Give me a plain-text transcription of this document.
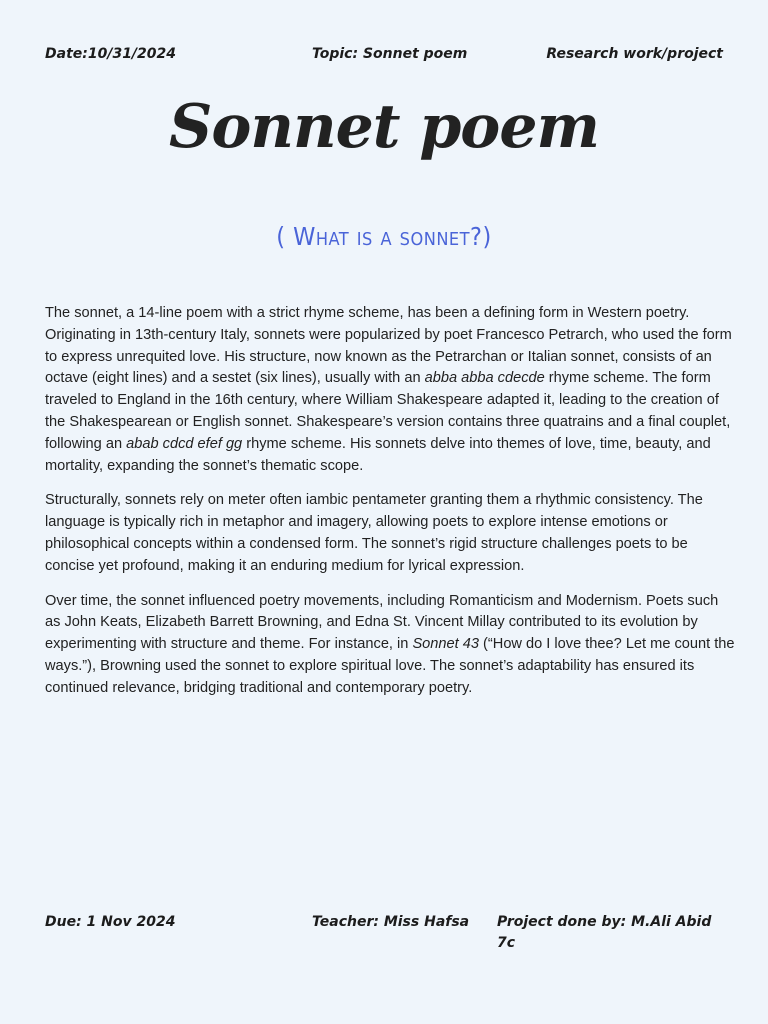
Date:10/31/2024	Topic: Sonnet poem	Research work/project
Sonnet poem
( What is a sonnet?)

The sonnet, a 14-line poem with a strict rhyme scheme, has been a defining form in Western poetry. Originating in 13th-century Italy, sonnets were popularized by poet Francesco Petrarch, who used the form to express unrequited love. His structure, now known as the Petrarchan or Italian sonnet, consists of an octave (eight lines) and a sestet (six lines), usually with an abba abba cdecde rhyme scheme. The form traveled to England in the 16th century, where William Shakespeare adapted it, leading to the creation of the Shakespearean or English sonnet. Shakespeare’s version contains three quatrains and a final couplet, following an abab cdcd efef gg rhyme scheme. His sonnets delve into themes of love, time, beauty, and mortality, expanding the sonnet’s thematic scope.

Structurally, sonnets rely on meter often iambic pentameter granting them a rhythmic consistency. The language is typically rich in metaphor and imagery, allowing poets to explore intense emotions or philosophical concepts within a condensed form. The sonnet’s rigid structure challenges poets to be concise yet profound, making it an enduring medium for lyrical expression.

Over time, the sonnet influenced poetry movements, including Romanticism and Modernism. Poets such as John Keats, Elizabeth Barrett Browning, and Edna St. Vincent Millay contributed to its evolution by experimenting with structure and theme. For instance, in Sonnet 43 (“How do I love thee? Let me count the ways.”), Browning used the sonnet to explore spiritual love. The sonnet’s adaptability has ensured its continued relevance, bridging traditional and contemporary poetry.

Due: 1 Nov 2024	Teacher: Miss Hafsa Project done by: M.Ali Abid
7c
